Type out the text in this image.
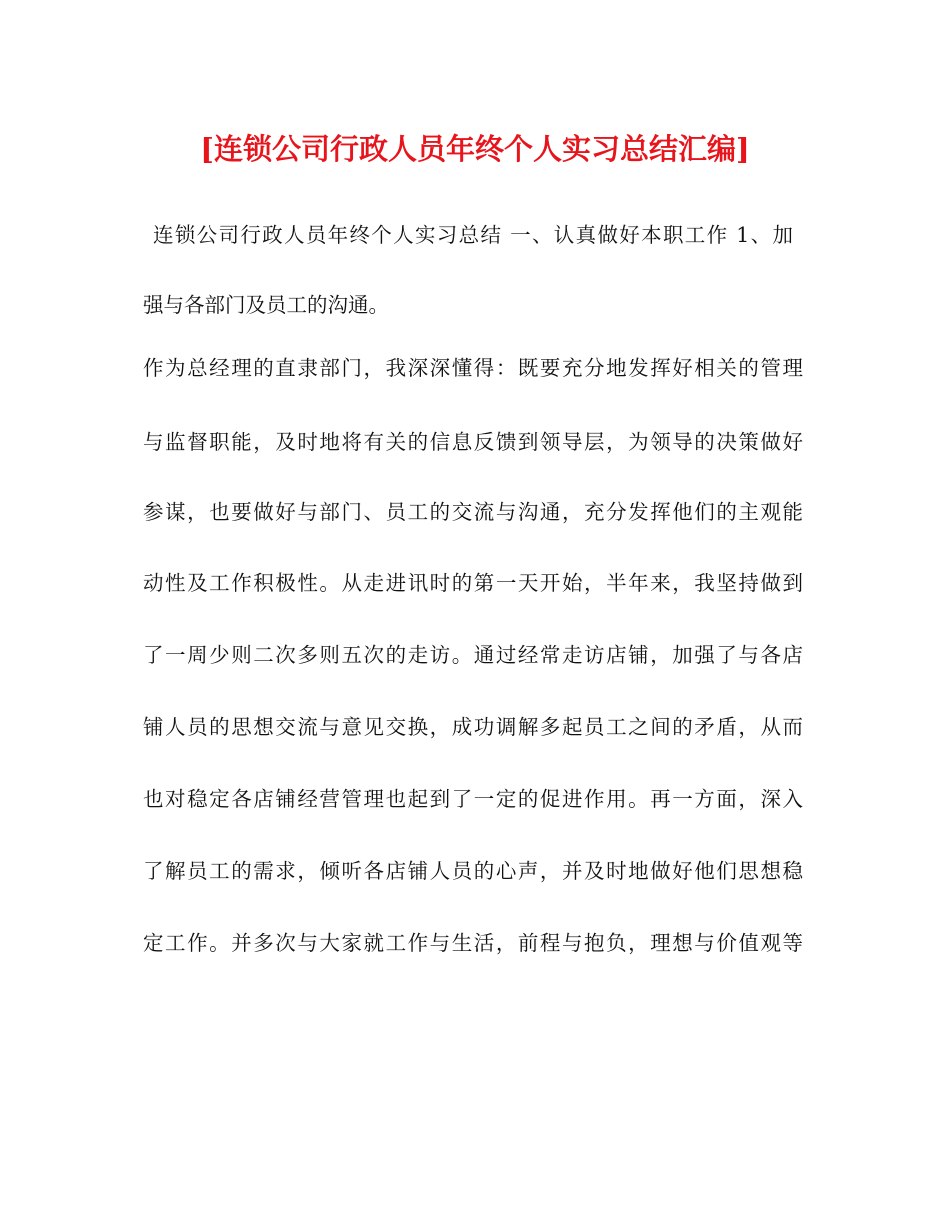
[连锁公司行政人员年终个人实习总结汇编]
连锁公司行政人员年终个人实习总结 一、认真做好本职工作 1、加
强与各部门及员工的沟通。
作为总经理的直隶部门，我深深懂得：既要充分地发挥好相关的管理
与监督职能，及时地将有关的信息反馈到领导层，为领导的决策做好
参谋，也要做好与部门、员工的交流与沟通，充分发挥他们的主观能
动性及工作积极性。从走进讯时的第一天开始，半年来，我坚持做到
了一周少则二次多则五次的走访。通过经常走访店铺，加强了与各店
铺人员的思想交流与意见交换，成功调解多起员工之间的矛盾，从而
也对稳定各店铺经营管理也起到了一定的促进作用。再一方面，深入
了解员工的需求，倾听各店铺人员的心声，并及时地做好他们思想稳
定工作。并多次与大家就工作与生活，前程与抱负，理想与价值观等
